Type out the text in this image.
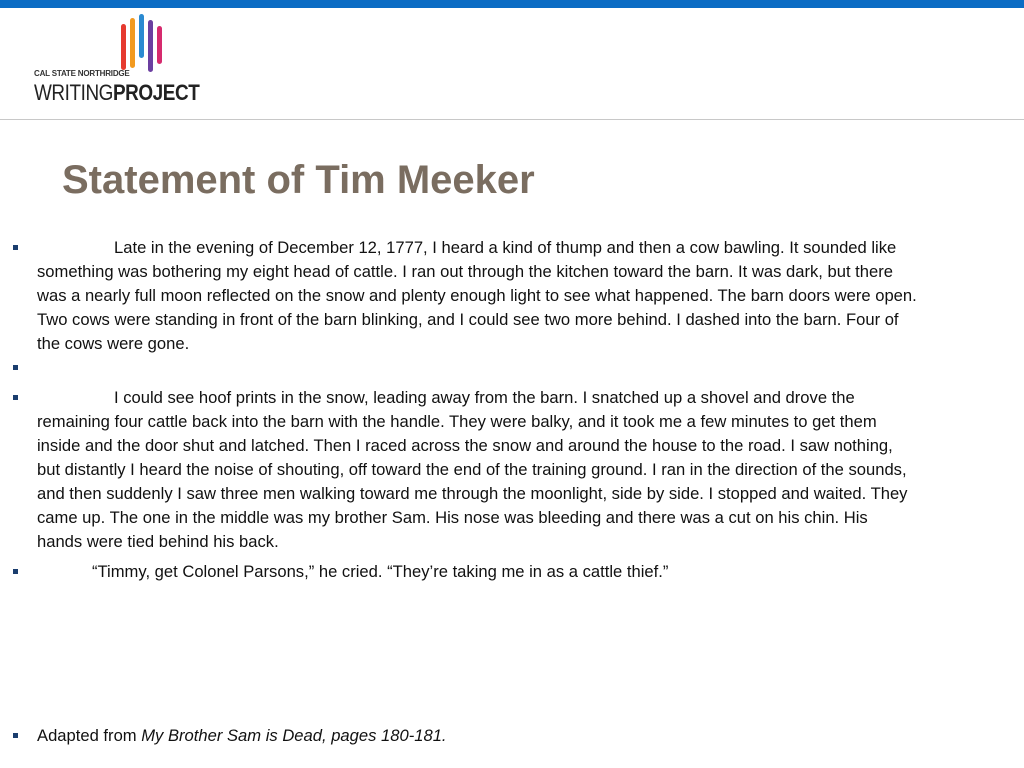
CAL STATE NORTHRIDGE
WRITINGPROJECT
Statement of Tim Meeker
Late in the evening of December 12, 1777, I heard a kind of thump and then a cow bawling. It sounded like something was bothering my eight head of cattle. I ran out through the kitchen toward the barn. It was dark, but there was a nearly full moon reflected on the snow and plenty enough light to see what happened. The barn doors were open. Two cows were standing in front of the barn blinking, and I could see two more behind. I dashed into the barn. Four of the cows were gone.
I could see hoof prints in the snow, leading away from the barn. I snatched up a shovel and drove the remaining four cattle back into the barn with the handle. They were balky, and it took me a few minutes to get them inside and the door shut and latched. Then I raced across the snow and around the house to the road. I saw nothing, but distantly I heard the noise of shouting, off toward the end of the training ground. I ran in the direction of the sounds, and then suddenly I saw three men walking toward me through the moonlight, side by side. I stopped and waited. They came up. The one in the middle was my brother Sam. His nose was bleeding and there was a cut on his chin. His hands were tied behind his back.
“Timmy, get Colonel Parsons,” he cried. “They’re taking me in as a cattle thief.”
Adapted from My Brother Sam is Dead, pages 180-181.
